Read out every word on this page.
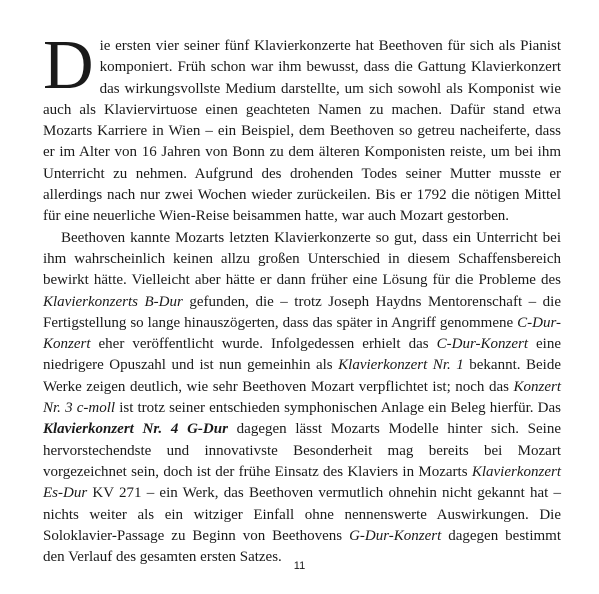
Die ersten vier seiner fünf Klavierkonzerte hat Beethoven für sich als Pianist komponiert. Früh schon war ihm bewusst, dass die Gattung Klavierkonzert das wirkungsvollste Medium darstellte, um sich sowohl als Komponist wie auch als Klaviervirtuose einen geachteten Namen zu machen. Dafür stand etwa Mozarts Karriere in Wien – ein Beispiel, dem Beethoven so getreu nacheiferte, dass er im Alter von 16 Jahren von Bonn zu dem älteren Komponisten reiste, um bei ihm Unterricht zu nehmen. Aufgrund des drohenden Todes seiner Mutter musste er allerdings nach nur zwei Wochen wieder zurückeilen. Bis er 1792 die nötigen Mittel für eine neuerliche Wien-Reise beisammen hatte, war auch Mozart gestorben.

Beethoven kannte Mozarts letzten Klavierkonzerte so gut, dass ein Unterricht bei ihm wahrscheinlich keinen allzu großen Unterschied in diesem Schaffensbereich bewirkt hätte. Vielleicht aber hätte er dann früher eine Lösung für die Probleme des Klavierkonzerts B-Dur gefunden, die – trotz Joseph Haydns Mentorenschaft – die Fertigstellung so lange hinauszögerten, dass das später in Angriff genommene C-Dur-Konzert eher veröffentlicht wurde. Infolgedessen erhielt das C-Dur-Konzert eine niedrigere Opuszahl und ist nun gemeinhin als Klavierkonzert Nr. 1 bekannt. Beide Werke zeigen deutlich, wie sehr Beethoven Mozart verpflichtet ist; noch das Konzert Nr. 3 c-moll ist trotz seiner entschieden symphonischen Anlage ein Beleg hierfür. Das Klavierkonzert Nr. 4 G-Dur dagegen lässt Mozarts Modelle hinter sich. Seine hervorstechendste und innovativste Besonderheit mag bereits bei Mozart vorgezeichnet sein, doch ist der frühe Einsatz des Klaviers in Mozarts Klavierkonzert Es-Dur KV 271 – ein Werk, das Beethoven vermutlich ohnehin nicht gekannt hat – nichts weiter als ein witziger Einfall ohne nennenswerte Auswirkungen. Die Soloklavier-Passage zu Beginn von Beethovens G-Dur-Konzert dagegen bestimmt den Verlauf des gesamten ersten Satzes.

11
